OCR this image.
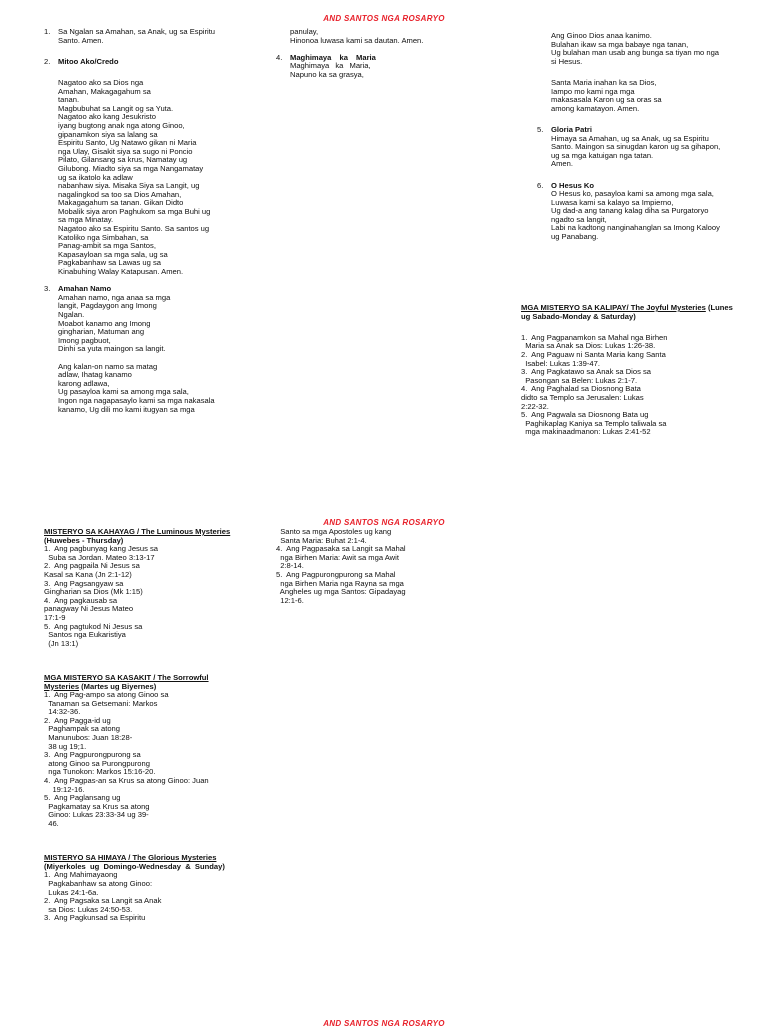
AND SANTOS NGA ROSARYO
1.	Sa Ngalan sa Amahan, sa Anak, ug sa Espiritu
Santo. Amen.
2.	Mitoo Ako/Credo
Nagatoo ako sa Dios nga
Amahan, Makagagahum sa
tanan.
Magbubuhat sa Langit og sa Yuta.
Nagatoo ako kang Jesukristo
iyang bugtong anak nga atong Ginoo,
gipanamkon siya sa lalang sa
Espiritu Santo, Ug Natawo gikan ni Maria
nga Ulay, Gisakit siya sa sugo ni Poncio
Pilato, Gilansang sa krus, Namatay ug
Gilubong. Miadto siya sa mga Nangamatay
ug sa ikatolo ka adlaw
nabanhaw siya. Misaka Siya sa Langit, ug
nagalingkod sa too sa Dios Amahan,
Makagagahum sa tanan. Gikan Didto
Mobalik siya aron Paghukom sa mga Buhi ug
sa mga Minatay.
Nagatoo ako sa Espiritu Santo. Sa santos ug
Katoliko nga Simbahan, sa
Panag-ambit sa mga Santos,
Kapasayloan sa mga sala, ug sa
Pagkabanhaw sa Lawas ug sa
Kinabuhing Walay Katapusan. Amen.
3.	Amahan Namo
Amahan namo, nga anaa sa mga
langit, Pagdaygon ang Imong
Ngalan.
Moabot kanamo ang Imong
gingharian, Matuman ang
Imong pagbuot,
Dinhi sa yuta maingon sa langit.
Ang kalan-on namo sa matag
adlaw, Ihatag kanamo
karong adlawa,
Ug pasayloa kami sa among mga sala,
Ingon nga nagapasaylo kami sa mga nakasala
kanamo, Ug dili mo kami itugyan sa mga
panulay,
Hinonoa luwasa kami sa dautan. Amen.
4.	Maghimaya ka Maria
Maghimaya ka Maria,
Napuno ka sa grasya,
Ang Ginoo Dios anaa kanimo.
Bulahan ikaw sa mga babaye nga tanan,
Ug bulahan man usab ang bunga sa tiyan mo nga
si Hesus.
Santa Maria inahan ka sa Dios,
Iampo mo kami nga mga
makasasala Karon ug sa oras sa
among kamatayon. Amen.
5.	Gloria Patri
Himaya sa Amahan, ug sa Anak, ug sa Espiritu
Santo. Maingon sa sinugdan karon ug sa gihapon,
ug sa mga katuigan nga tatan.
Amen.
6.	O Hesus Ko
O Hesus ko, pasayloa kami sa among mga sala,
Luwasa kami sa kalayo sa Impierno,
Ug dad-a ang tanang kalag diha sa Purgatoryo
ngadto sa langit,
Labi na kadtong nanginahanglan sa Imong Kalooy
ug Panabang.
MGA MISTERYO SA KALIPAY/ The Joyful Mysteries (Lunes
ug Sabado-Monday & Saturday)
1.  Ang Pagpanamkon sa Mahal nga Birhen
Maria sa Anak sa Dios: Lukas 1:26-38.
2.  Ang Paguaw ni Santa Maria kang Santa
Isabel: Lukas 1:39-47.
3.  Ang Pagkatawo sa Anak sa Dios sa
Pasongan sa Belen: Lukas 2:1-7.
4.  Ang Paghalad sa Diosnong Bata
didto sa Templo sa Jerusalen: Lukas
2:22-32.
5.  Ang Pagwala sa Diosnong Bata ug
Paghikaplag Kaniya sa Templo taliwala sa
mga makinaadmanon: Lukas 2:41-52
AND SANTOS NGA ROSARYO
MISTERYO SA KAHAYAG / The Luminous Mysteries
(Huwebes - Thursday)
1.  Ang pagbunyag kang Jesus sa
Suba sa Jordan. Mateo 3:13-17
2.  Ang pagpaila Ni Jesus sa
Kasal sa Kana (Jn 2:1-12)
3.  Ang Pagsangyaw sa
Gingharian sa Dios (Mk 1:15)
4.  Ang pagkausab sa
panagway Ni Jesus Mateo
17:1-9
5.  Ang pagtukod Ni Jesus sa
Santos nga Eukaristiya
(Jn 13:1)
MGA MISTERYO SA KASAKIT / The Sorrowful
Mysteries (Martes ug Biyernes)
1.  Ang Pag-ampo sa atong Ginoo sa
Tanaman sa Getsemani: Markos
14:32-36.
2.  Ang Pagga-id ug
Paghampak sa atong
Manunubos: Juan 18:28-
38 ug 19;1.
3.  Ang Pagpurongpurong sa
atong Ginoo sa Purongpurong
nga Tunokon: Markos 15:16-20.
4.  Ang Pagpas-an sa Krus sa atong Ginoo: Juan
19:12-16.
5.  Ang Paglansang ug
Pagkamatay sa Krus sa atong
Ginoo: Lukas 23:33-34 ug 39-
46.
MISTERYO SA HIMAYA / The Glorious Mysteries
(Miyerkoles  ug  Domingo-Wednesday  &  Sunday)
1.  Ang Mahimayaong
Pagkabanhaw sa atong Ginoo:
Lukas 24:1-6a.
2.  Ang Pagsaka sa Langit sa Anak
sa Dios: Lukas 24:50-53.
3.  Ang Pagkunsad sa Espiritu
Santo sa mga Apostoles ug kang
Santa Maria: Buhat 2:1-4.
4.  Ang Pagpasaka sa Langit sa Mahal
nga Birhen Maria: Awit sa mga Awit
2:8-14.
5.  Ang Pagpurongpurong sa Mahal
nga Birhen Maria nga Rayna sa mga
Angheles ug mga Santos: Gipadayag
12:1-6.
AND SANTOS NGA ROSARYO
